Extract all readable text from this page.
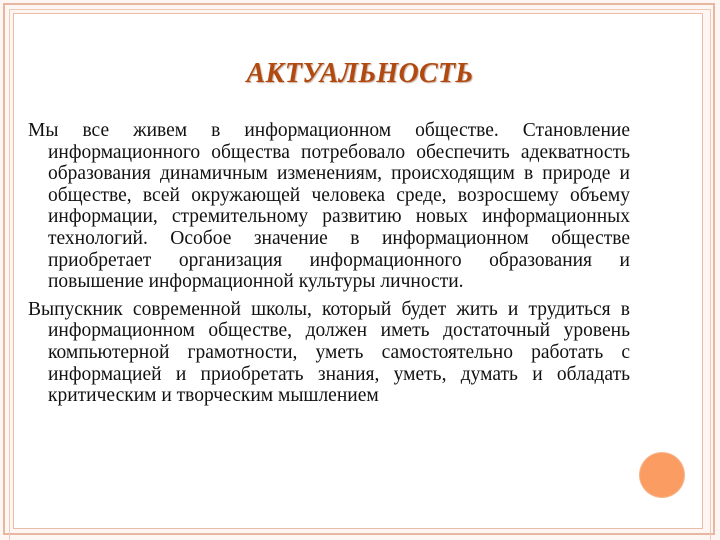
АКТУАЛЬНОСТЬ

Мы все живем в информационном обществе. Становление информационного общества потребовало обеспечить адекватность образования динамичным изменениям, происходящим в природе и обществе, всей окружающей человека среде, возросшему объему информации, стремительному развитию новых информационных технологий. Особое значение в информационном обществе приобретает организация информационного образования и повышение информационной культуры личности.

Выпускник современной школы, который будет жить и трудиться в информационном обществе, должен иметь достаточный уровень компьютерной грамотности, уметь самостоятельно работать с информацией и приобретать знания, уметь, думать и обладать критическим и творческим мышлением
